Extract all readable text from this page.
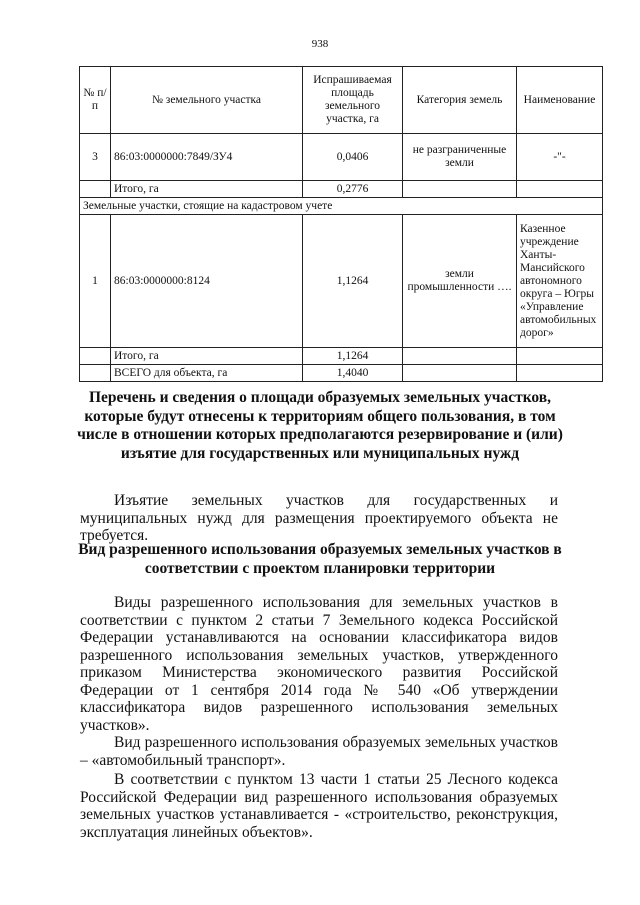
938
№ п/п	№ земельного участка	Испрашиваемая площадь земельного участка, га	Категория земель	Наименование
3	86:03:0000000:7849/ЗУ4	0,0406	не разграниченные земли	-"-
	Итого, га	0,2776		
Земельные участки, стоящие на кадастровом учете				
1	86:03:0000000:8124	1,1264	земли промышленности ….	Казенное учреждение Ханты-Мансийского автономного округа – Югры «Управление автомобильных дорог»
	Итого, га	1,1264		
	ВСЕГО для объекта, га	1,4040		
Перечень и сведения о площади образуемых земельных участков, которые будут отнесены к территориям общего пользования, в том числе в отношении которых предполагаются резервирование и (или) изъятие для государственных или муниципальных нужд

Изъятие земельных участков для государственных и муниципальных нужд для размещения проектируемого объекта не требуется.

Вид разрешенного использования образуемых земельных участков в соответствии с проектом планировки территории

Виды разрешенного использования для земельных участков в соответствии с пунктом 2 статьи 7 Земельного кодекса Российской Федерации устанавливаются на основании классификатора видов разрешенного использования земельных участков, утвержденного приказом Министерства экономического развития Российской Федерации от 1 сентября 2014 года № 540 «Об утверждении классификатора видов разрешенного использования земельных участков».

Вид разрешенного использования образуемых земельных участков – «автомобильный транспорт».

В соответствии с пунктом 13 части 1 статьи 25 Лесного кодекса Российской Федерации вид разрешенного использования образуемых земельных участков устанавливается - «строительство, реконструкция, эксплуатация линейных объектов».
